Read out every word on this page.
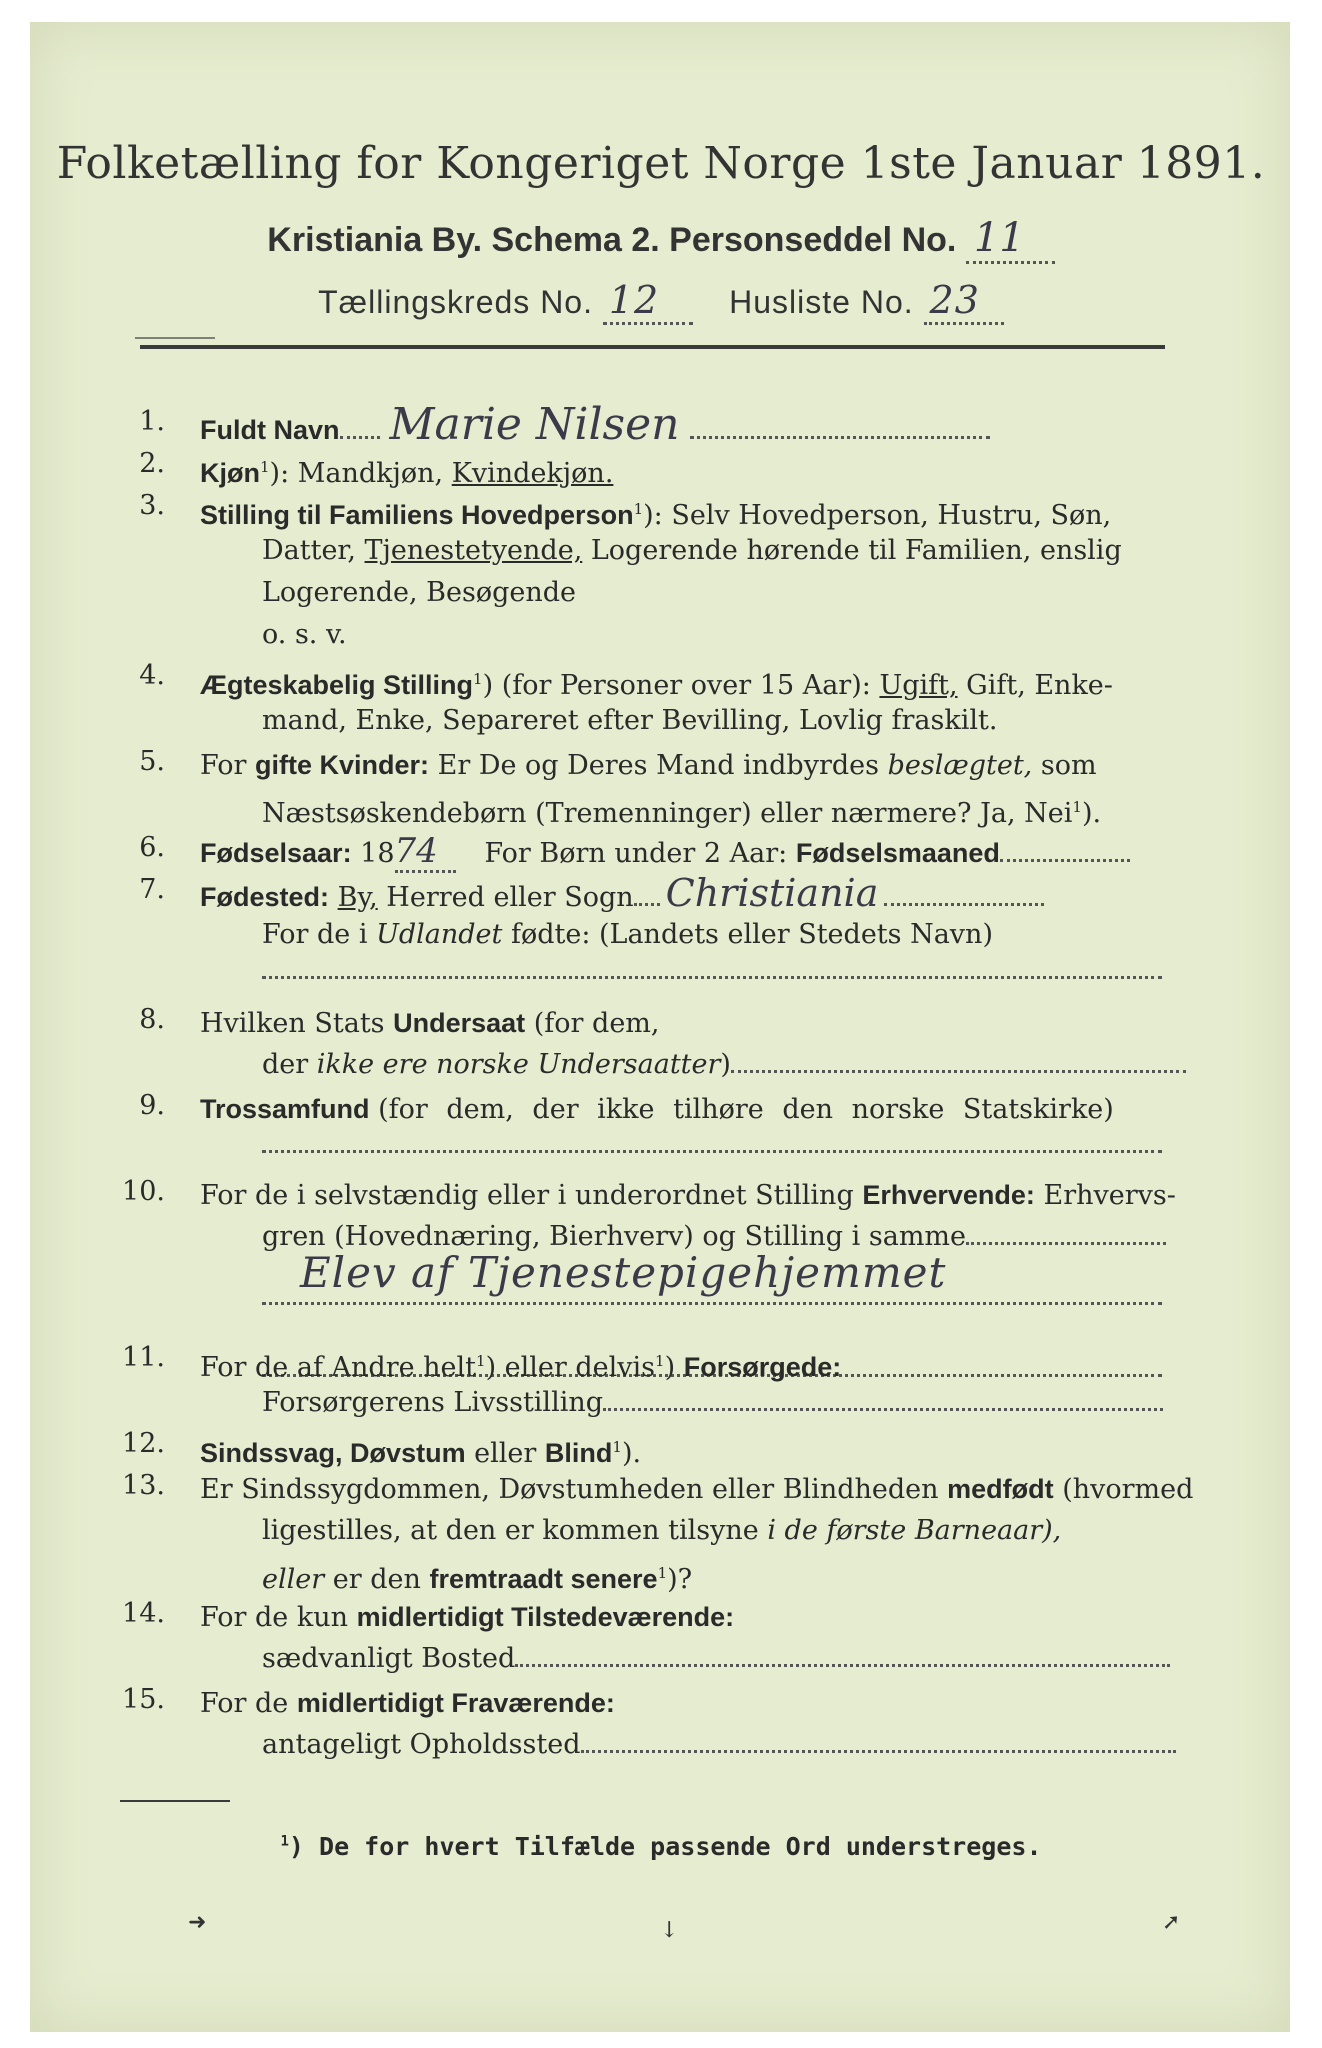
Folketælling for Kongeriget Norge 1ste Januar 1891.
Kristiania By. Schema 2. Personseddel No. 11
Tællingskreds No. 12 Husliste No. 23
1. Fuldt Navn Marie Nilsen
2. Kjøn$^1$): Mandkjøn, Kvindekjøn.
3. Stilling til Familiens Hovedperson$^1$): Selv Hovedperson, Hustru, Søn,
Datter, Tjenestetyende, Logerende hørende til Familien, enslig
Logerende, Besøgende
o. s. v.
4. Ægteskabelig Stilling$^1$) (for Personer over 15 Aar): Ugift, Gift, Enke-
mand, Enke, Separeret efter Bevilling, Lovlig fraskilt.
5. For gifte Kvinder: Er De og Deres Mand indbyrdes beslægtet, som
Næstsøskendebørn (Tremenninger) eller nærmere? Ja, Nei$^1$).
6. Fødselsaar: 1874 For Børn under 2 Aar: Fødselsmaaned
7. Fødested: By, Herred eller Sogn Christiania
For de i Udlandet fødte: (Landets eller Stedets Navn)
8. Hvilken Stats Undersaat (for dem,
der ikke ere norske Undersaatter)
9. Trossamfund (for dem, der ikke tilhøre den norske Statskirke)
10. For de i selvstændig eller i underordnet Stilling Erhvervende: Erhvervs-
gren (Hovednæring, Bierhverv) og Stilling i samme
Elev af Tjenestepigehjemmet
11. For de af Andre helt$^1$) eller delvis$^1$) Forsørgede:
Forsørgerens Livsstilling
12. Sindssvag, Døvstum eller Blind$^1$).
13. Er Sindssygdommen, Døvstumheden eller Blindheden medfødt (hvormed
ligestilles, at den er kommen tilsyne i de første Barneaar),
eller er den fremtraadt senere$^1$)?
14. For de kun midlertidigt Tilstedeværende:
sædvanligt Bosted
15. For de midlertidigt Fraværende:
antageligt Opholdssted
$^1$) De for hvert Tilfælde passende Ord understreges.
➜	↓	➚
